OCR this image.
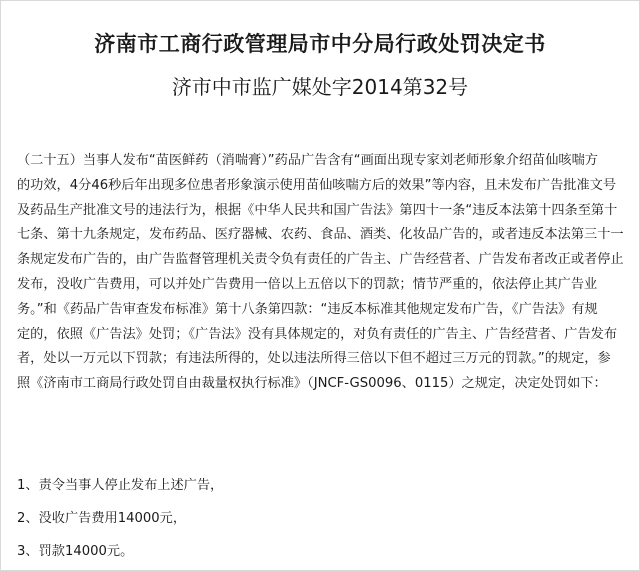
济南市工商行政管理局市中分局行政处罚决定书
济市中市监广媒处字2014第32号
（二十五）当事人发布“苗医鲜药（消喘膏）”药品广告含有“画面出现专家刘老师形象介绍苗仙咳喘方
的功效，4分46秒后年出现多位患者形象演示使用苗仙咳喘方后的效果”等内容，且未发布广告批准文号
及药品生产批准文号的违法行为，根据《中华人民共和国广告法》第四十一条“违反本法第十四条至第十
七条、第十九条规定，发布药品、医疗器械、农药、食品、酒类、化妆品广告的，或者违反本法第三十一
条规定发布广告的，由广告监督管理机关责令负有责任的广告主、广告经营者、广告发布者改正或者停止
发布，没收广告费用，可以并处广告费用一倍以上五倍以下的罚款；情节严重的，依法停止其广告业
务。”和《药品广告审查发布标准》第十八条第四款：“违反本标准其他规定发布广告，《广告法》有规
定的，依照《广告法》处罚；《广告法》没有具体规定的，对负有责任的广告主、广告经营者、广告发布
者，处以一万元以下罚款；有违法所得的，处以违法所得三倍以下但不超过三万元的罚款。”的规定，参
照《济南市工商局行政处罚自由裁量权执行标准》（JNCF-GS0096、0115）之规定，决定处罚如下：
1、责令当事人停止发布上述广告，
2、没收广告费用14000元，
3、罚款14000元。
